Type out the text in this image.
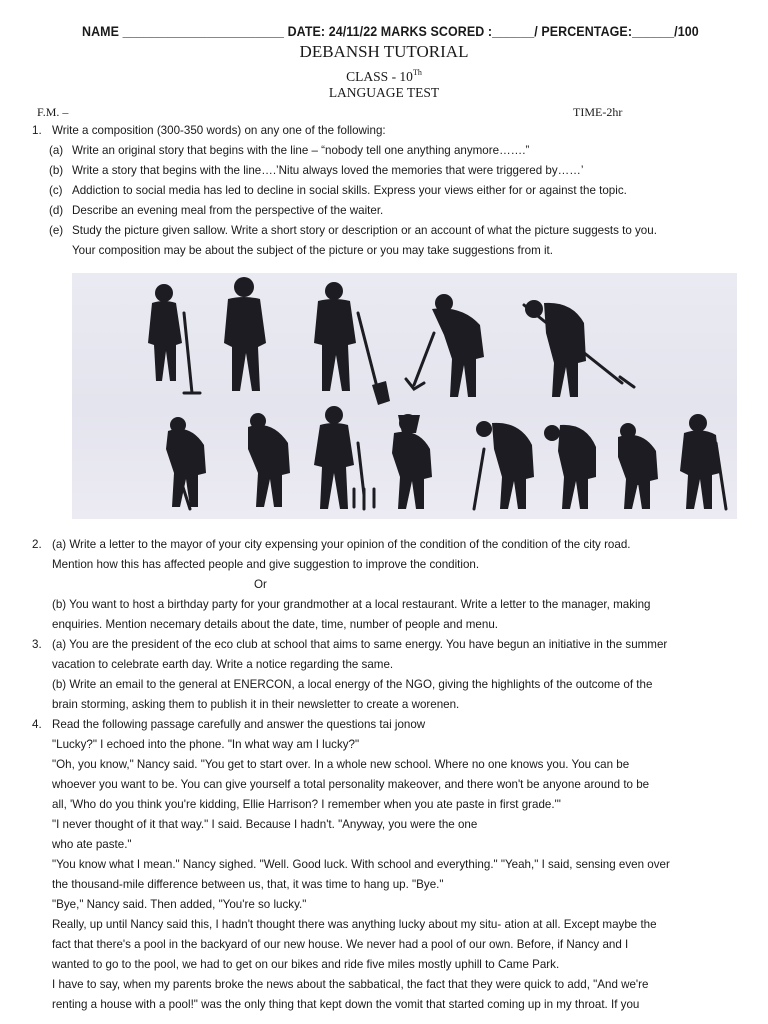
NAME _______________________ DATE: 24/11/22 MARKS SCORED :______/ PERCENTAGE:______/100
DEBANSH TUTORIAL
CLASS - 10Th
LANGUAGE TEST
F.M. –	TIME-2hr
1. Write a composition (300-350 words) on any one of the following:
(a) Write an original story that begins with the line – “nobody tell one anything anymore…….”
(b) Write a story that begins with the line….’Nitu always loved the memories that were triggered by……’
(c) Addiction to social media has led to decline in social skills. Express your views either for or against the topic.
(d) Describe an evening meal from the perspective of the waiter.
(e) Study the picture given sallow. Write a short story or description or an account of what the picture suggests to you.
Your composition may be about the subject of the picture or you may take suggestions from it.
2. (a) Write a letter to the mayor of your city expensing your opinion of the condition of the condition of the city road.
Mention how this has affected people and give suggestion to improve the condition.
Or
(b) You want to host a birthday party for your grandmother at a local restaurant. Write a letter to the manager, making
enquiries. Mention necemary details about the date, time, number of people and menu.
3. (a) You are the president of the eco club at school that aims to same energy. You have begun an initiative in the summer
vacation to celebrate earth day. Write a notice regarding the same.
(b) Write an email to the general at ENERCON, a local energy of the NGO, giving the highlights of the outcome of the
brain storming, asking them to publish it in their newsletter to create a worenen.
4. Read the following passage carefully and answer the questions tai jonow
"Lucky?" I echoed into the phone. "In what way am I lucky?"
"Oh, you know," Nancy said. "You get to start over. In a whole new school. Where no one knows you. You can be
whoever you want to be. You can give yourself a total personality makeover, and there won't be anyone around to be
all, 'Who do you think you're kidding, Ellie Harrison? I remember when you ate paste in first grade.'"
"I never thought of it that way." I said. Because I hadn't. "Anyway, you were the one
who ate paste."
"You know what I mean." Nancy sighed. "Well. Good luck. With school and everything." "Yeah," I said, sensing even over
the thousand-mile difference between us, that, it was time to hang up. "Bye."
"Bye," Nancy said. Then added, "You're so lucky."
Really, up until Nancy said this, I hadn't thought there was anything lucky about my situ- ation at all. Except maybe the
fact that there's a pool in the backyard of our new house. We never had a pool of our own. Before, if Nancy and I
wanted to go to the pool, we had to get on our bikes and ride five miles mostly uphill to Came Park.
I have to say, when my parents broke the news about the sabbatical, the fact that they were quick to add, "And we're
renting a house with a pool!" was the only thing that kept down the vomit that started coming up in my throat. If you
